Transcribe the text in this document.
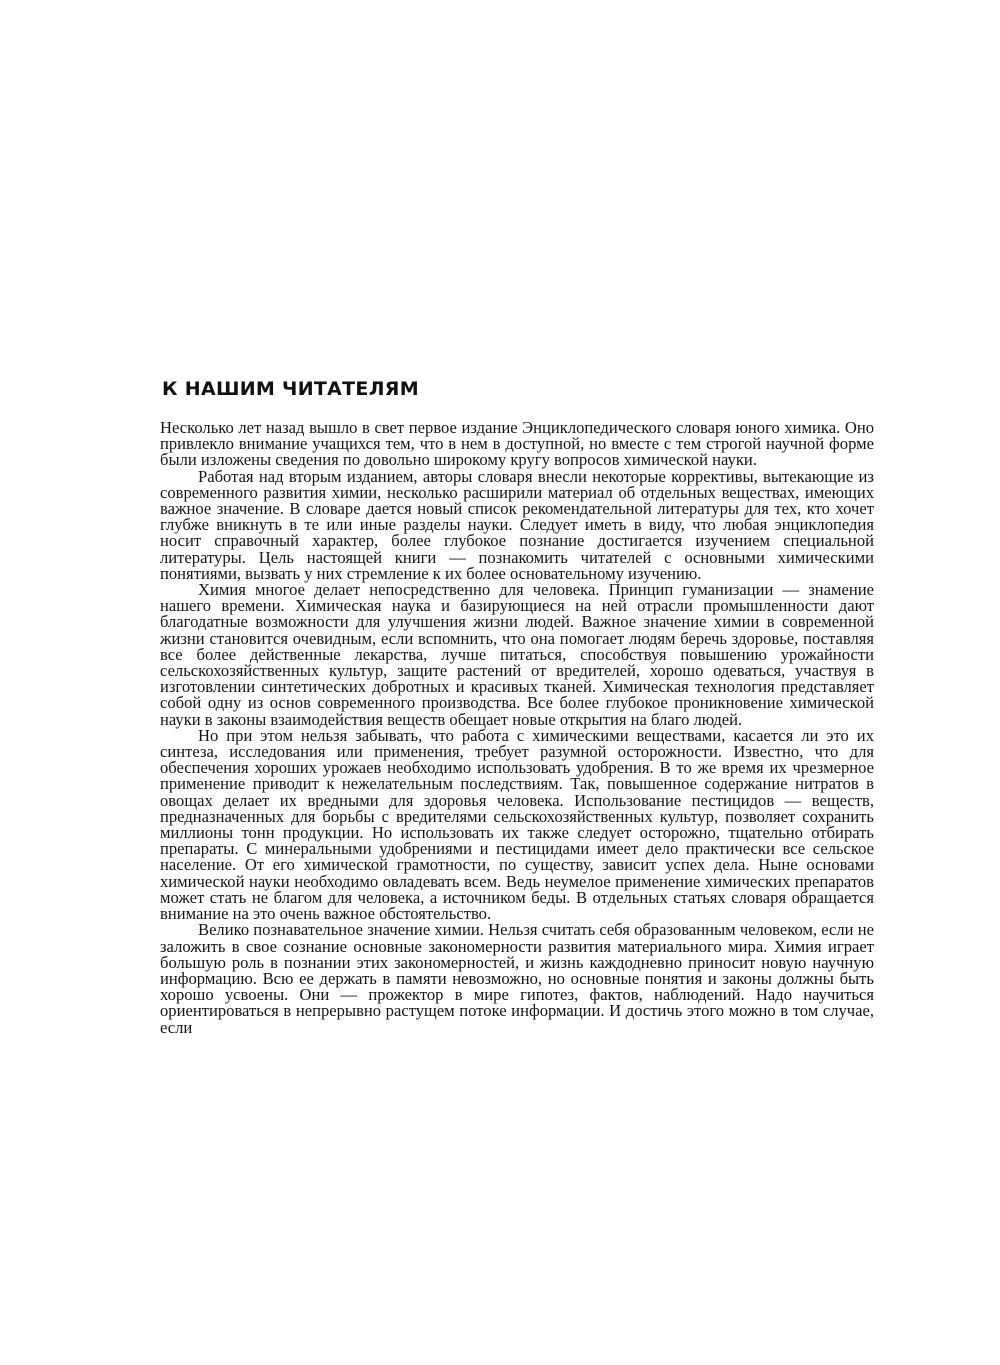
К НАШИМ ЧИТАТЕЛЯМ

Несколько лет назад вышло в свет первое издание Энциклопедического словаря юного химика. Оно привлекло внимание учащихся тем, что в нем в доступной, но вместе с тем строгой научной форме были изложены сведения по довольно широкому кругу вопросов химической науки.

Работая над вторым изданием, авторы словаря внесли некоторые коррективы, вытекающие из современного развития химии, несколько расширили материал об отдельных веществах, имеющих важное значение. В словаре дается новый список рекомендательной литературы для тех, кто хочет глубже вникнуть в те или иные разделы науки. Следует иметь в виду, что любая энциклопедия носит справочный характер, более глубокое познание достигается изучением специальной литературы. Цель настоящей книги — познакомить читателей с основными химическими понятиями, вызвать у них стремление к их более основательному изучению.

Химия многое делает непосредственно для человека. Принцип гуманизации — знамение нашего времени. Химическая наука и базирующиеся на ней отрасли промышленности дают благодатные возможности для улучшения жизни людей. Важное значение химии в современной жизни становится очевидным, если вспомнить, что она помогает людям беречь здоровье, поставляя все более действенные лекарства, лучше питаться, способствуя повышению урожайности сельскохозяйственных культур, защите растений от вредителей, хорошо одеваться, участвуя в изготовлении синтетических добротных и красивых тканей. Химическая технология представляет собой одну из основ современного производства. Все более глубокое проникновение химической науки в законы взаимодействия веществ обещает новые открытия на благо людей.

Но при этом нельзя забывать, что работа с химическими веществами, касается ли это их синтеза, исследования или применения, требует разумной осторожности. Известно, что для обеспечения хороших урожаев необходимо использовать удобрения. В то же время их чрезмерное применение приводит к нежелательным последствиям. Так, повышенное содержание нитратов в овощах делает их вредными для здоровья человека. Использование пестицидов — веществ, предназначенных для борьбы с вредителями сельскохозяйственных культур, позволяет сохранить миллионы тонн продукции. Но использовать их также следует осторожно, тщательно отбирать препараты. С минеральными удобрениями и пестицидами имеет дело практически все сельское население. От его химической грамотности, по существу, зависит успех дела. Ныне основами химической науки необходимо овладевать всем. Ведь неумелое применение химических препаратов может стать не благом для человека, а источником беды. В отдельных статьях словаря обращается внимание на это очень важное обстоятельство.

Велико познавательное значение химии. Нельзя считать себя образованным человеком, если не заложить в свое сознание основные закономерности развития материального мира. Химия играет большую роль в познании этих закономерностей, и жизнь каждодневно приносит новую научную информацию. Всю ее держать в памяти невозможно, но основные понятия и законы должны быть хорошо усвоены. Они — прожектор в мире гипотез, фактов, наблюдений. Надо научиться ориентироваться в непрерывно растущем потоке информации. И достичь этого можно в том случае, если
